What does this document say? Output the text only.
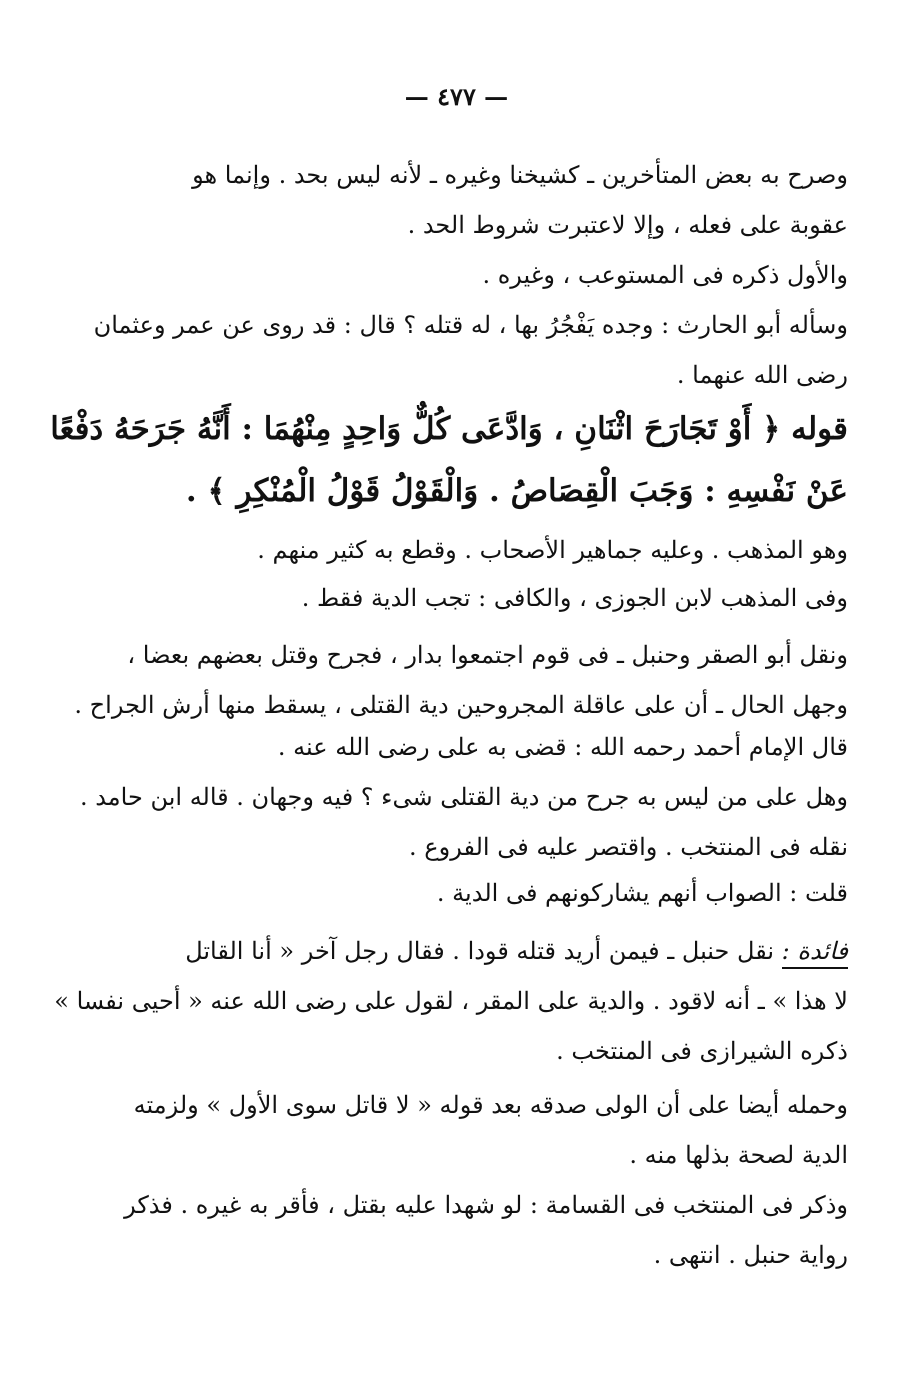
— ٤٧٧ —
وصرح به بعض المتأخرين ـ كشيخنا وغيره ـ لأنه ليس بحد . وإنما هو
عقوبة على فعله ، وإلا لاعتبرت شروط الحد .
والأول ذكره فى المستوعب ، وغيره .
وسأله أبو الحارث : وجده يَفْجُرُ بها ، له قتله ؟ قال : قد روى عن عمر وعثمان
رضى الله عنهما .
قوله ﴿ أَوْ تَجَارَحَ اثْنَانِ ، وَادَّعَى كُلٌّ وَاحِدٍ مِنْهُمَا : أَنَّهُ جَرَحَهُ دَفْعًا
عَنْ نَفْسِهِ : وَجَبَ الْقِصَاصُ . وَالْقَوْلُ قَوْلُ الْمُنْكِرِ ﴾ .
وهو المذهب . وعليه جماهير الأصحاب . وقطع به كثير منهم .
وفى المذهب لابن الجوزى ، والكافى : تجب الدية فقط .
ونقل أبو الصقر وحنبل ـ فى قوم اجتمعوا بدار ، فجرح وقتل بعضهم بعضا ،
وجهل الحال ـ أن على عاقلة المجروحين دية القتلى ، يسقط منها أرش الجراح .
قال الإمام أحمد رحمه الله : قضى به على رضى الله عنه .
وهل على من ليس به جرح من دية القتلى شىء ؟ فيه وجهان . قاله ابن حامد .
نقله فى المنتخب . واقتصر عليه فى الفروع .
قلت : الصواب أنهم يشاركونهم فى الدية .
فائدة : نقل حنبل ـ فيمن أريد قتله قودا . فقال رجل آخر « أنا القاتل
لا هذا » ـ أنه لاقود . والدية على المقر ، لقول على رضى الله عنه « أحيى نفسا »
ذكره الشيرازى فى المنتخب .
وحمله أيضا على أن الولى صدقه بعد قوله « لا قاتل سوى الأول » ولزمته
الدية لصحة بذلها منه .
وذكر فى المنتخب فى القسامة : لو شهدا عليه بقتل ، فأقر به غيره . فذكر
رواية حنبل . انتهى .
